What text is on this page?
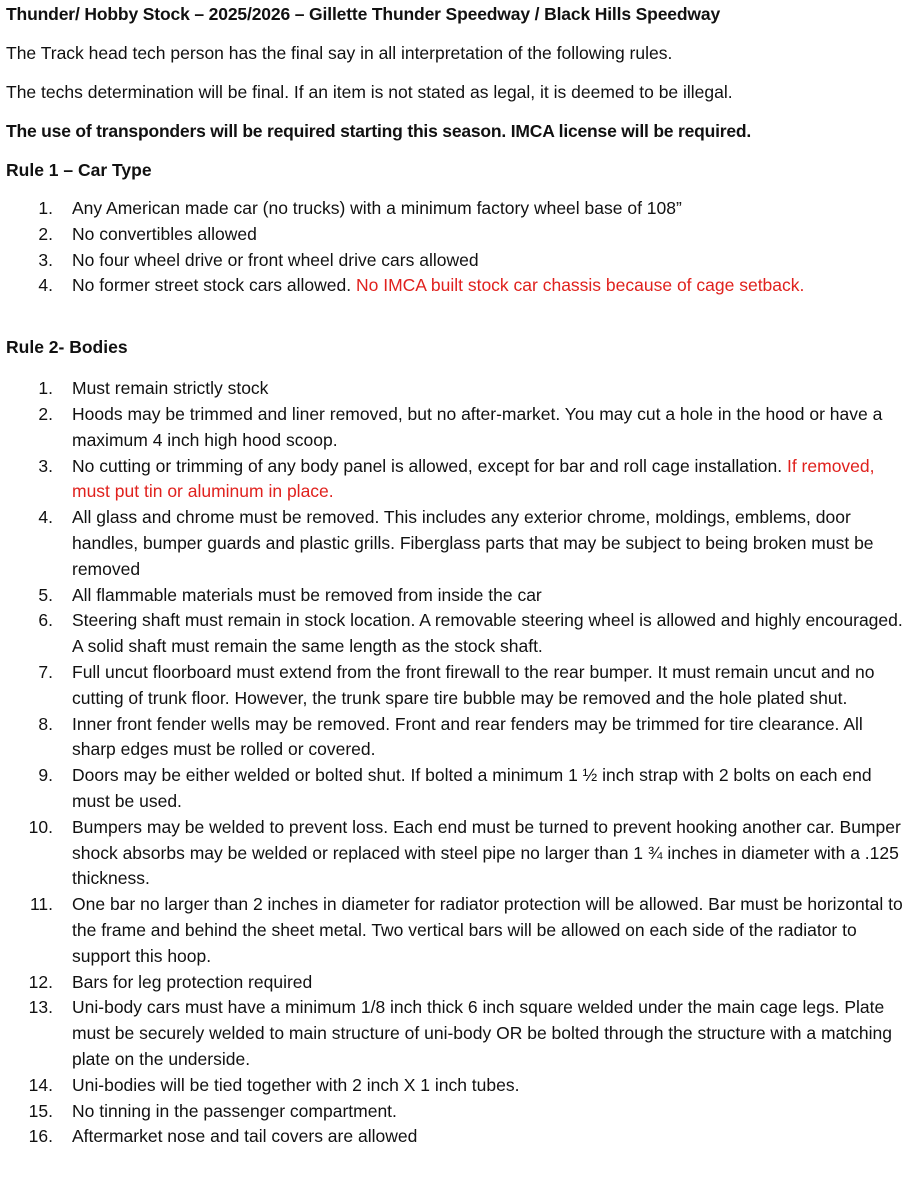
Thunder/ Hobby Stock – 2025/2026 – Gillette Thunder Speedway / Black Hills Speedway
The Track head tech person has the final say in all interpretation of the following rules.
The techs determination will be final. If an item is not stated as legal, it is deemed to be illegal.
The use of transponders will be required starting this season. IMCA license will be required.
Rule 1 – Car Type
1. Any American made car (no trucks) with a minimum factory wheel base of 108”
2. No convertibles allowed
3. No four wheel drive or front wheel drive cars allowed
4. No former street stock cars allowed. No IMCA built stock car chassis because of cage setback.
Rule 2- Bodies
1. Must remain strictly stock
2. Hoods may be trimmed and liner removed, but no after-market. You may cut a hole in the hood or have a maximum 4 inch high hood scoop.
3. No cutting or trimming of any body panel is allowed, except for bar and roll cage installation. If removed, must put tin or aluminum in place.
4. All glass and chrome must be removed. This includes any exterior chrome, moldings, emblems, door handles, bumper guards and plastic grills. Fiberglass parts that may be subject to being broken must be removed
5. All flammable materials must be removed from inside the car
6. Steering shaft must remain in stock location. A removable steering wheel is allowed and highly encouraged. A solid shaft must remain the same length as the stock shaft.
7. Full uncut floorboard must extend from the front firewall to the rear bumper. It must remain uncut and no cutting of trunk floor. However, the trunk spare tire bubble may be removed and the hole plated shut.
8. Inner front fender wells may be removed. Front and rear fenders may be trimmed for tire clearance. All sharp edges must be rolled or covered.
9. Doors may be either welded or bolted shut. If bolted a minimum 1 ½ inch strap with 2 bolts on each end must be used.
10. Bumpers may be welded to prevent loss. Each end must be turned to prevent hooking another car. Bumper shock absorbs may be welded or replaced with steel pipe no larger than 1 ¾ inches in diameter with a .125 thickness.
11. One bar no larger than 2 inches in diameter for radiator protection will be allowed. Bar must be horizontal to the frame and behind the sheet metal. Two vertical bars will be allowed on each side of the radiator to support this hoop.
12. Bars for leg protection required
13. Uni-body cars must have a minimum 1/8 inch thick 6 inch square welded under the main cage legs. Plate must be securely welded to main structure of uni-body OR be bolted through the structure with a matching plate on the underside.
14. Uni-bodies will be tied together with 2 inch X 1 inch tubes.
15. No tinning in the passenger compartment.
16. Aftermarket nose and tail covers are allowed
